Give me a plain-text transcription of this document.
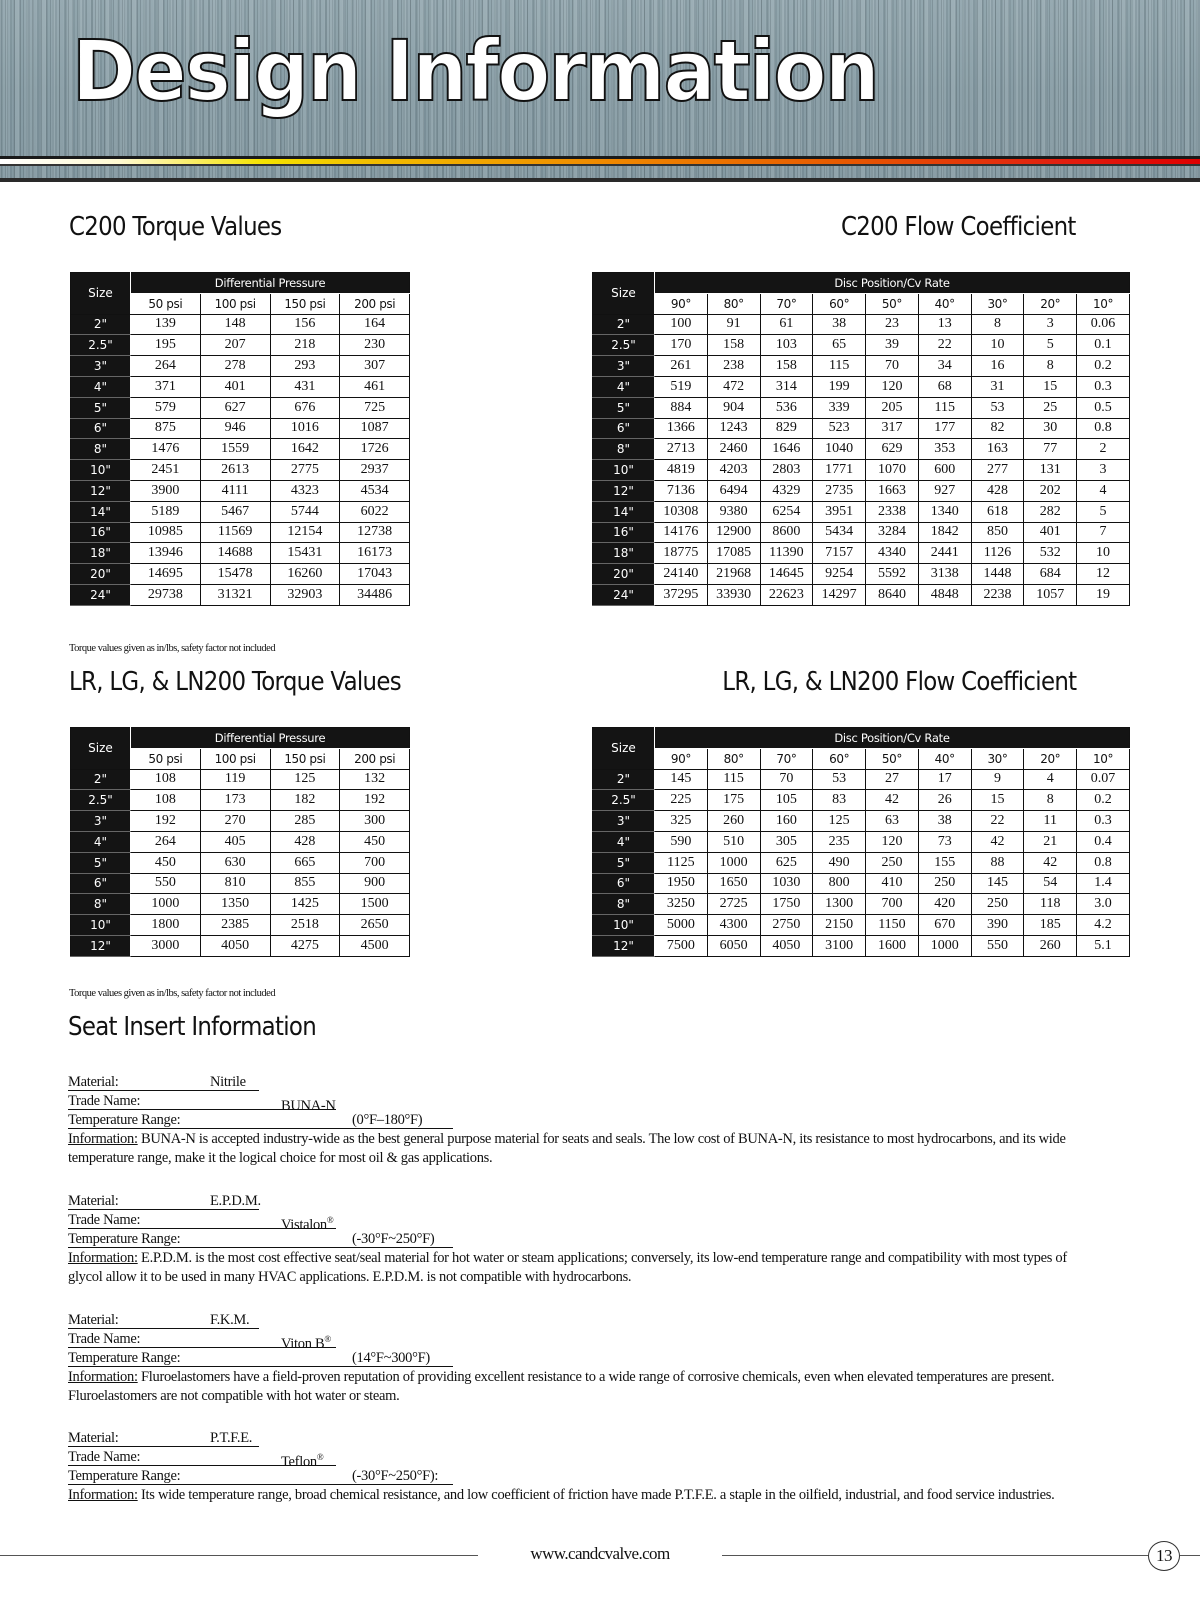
Design Information
C200 Torque Values	C200 Flow Coefficient
Size	Differential Pressure			
	50 psi	100 psi	150 psi	200 psi
2"	139	148	156	164
2.5"	195	207	218	230
3"	264	278	293	307
4"	371	401	431	461
5"	579	627	676	725
6"	875	946	1016	1087
8"	1476	1559	1642	1726
10"	2451	2613	2775	2937
12"	3900	4111	4323	4534
14"	5189	5467	5744	6022
16"	10985	11569	12154	12738
18"	13946	14688	15431	16173
20"	14695	15478	16260	17043
24"	29738	31321	32903	34486
Size	Disc Position/Cv Rate								
	90°	80°	70°	60°	50°	40°	30°	20°	10°
2"	100	91	61	38	23	13	8	3	0.06
2.5"	170	158	103	65	39	22	10	5	0.1
3"	261	238	158	115	70	34	16	8	0.2
4"	519	472	314	199	120	68	31	15	0.3
5"	884	904	536	339	205	115	53	25	0.5
6"	1366	1243	829	523	317	177	82	30	0.8
8"	2713	2460	1646	1040	629	353	163	77	2
10"	4819	4203	2803	1771	1070	600	277	131	3
12"	7136	6494	4329	2735	1663	927	428	202	4
14"	10308	9380	6254	3951	2338	1340	618	282	5
16"	14176	12900	8600	5434	3284	1842	850	401	7
18"	18775	17085	11390	7157	4340	2441	1126	532	10
20"	24140	21968	14645	9254	5592	3138	1448	684	12
24"	37295	33930	22623	14297	8640	4848	2238	1057	19
Torque values given as in/lbs, safety factor not included
LR, LG, & LN200 Torque Values	LR, LG, & LN200 Flow Coefficient
Size	Differential Pressure			
	50 psi	100 psi	150 psi	200 psi
2"	108	119	125	132
2.5"	108	173	182	192
3"	192	270	285	300
4"	264	405	428	450
5"	450	630	665	700
6"	550	810	855	900
8"	1000	1350	1425	1500
10"	1800	2385	2518	2650
12"	3000	4050	4275	4500
Size	Disc Position/Cv Rate								
	90°	80°	70°	60°	50°	40°	30°	20°	10°
2"	145	115	70	53	27	17	9	4	0.07
2.5"	225	175	105	83	42	26	15	8	0.2
3"	325	260	160	125	63	38	22	11	0.3
4"	590	510	305	235	120	73	42	21	0.4
5"	1125	1000	625	490	250	155	88	42	0.8
6"	1950	1650	1030	800	410	250	145	54	1.4
8"	3250	2725	1750	1300	700	420	250	118	3.0
10"	5000	4300	2750	2150	1150	670	390	185	4.2
12"	7500	6050	4050	3100	1600	1000	550	260	5.1
Torque values given as in/lbs, safety factor not included
Seat Insert Information
Material:	Nitrile
Trade Name:	BUNA-N
Temperature Range:	(0°F–180°F)
Information: BUNA-N is accepted industry-wide as the best general purpose material for seats and seals. The low cost of BUNA-N, its resistance to most hydrocarbons, and its wide temperature range, make it the logical choice for most oil & gas applications.
Material:	E.P.D.M.
Trade Name:	Vistalon®
Temperature Range:	(-30°F~250°F)
Information: E.P.D.M. is the most cost effective seat/seal material for hot water or steam applications; conversely, its low-end temperature range and compatibility with most types of glycol allow it to be used in many HVAC applications. E.P.D.M. is not compatible with hydrocarbons.
Material:	F.K.M.
Trade Name:	Viton B®
Temperature Range:	(14°F~300°F)
Information: Fluroelastomers have a field-proven reputation of providing excellent resistance to a wide range of corrosive chemicals, even when elevated temperatures are present. Fluroelastomers are not compatible with hot water or steam.
Material:	P.T.F.E.
Trade Name:	Teflon®
Temperature Range:	(-30°F~250°F):
Information: Its wide temperature range, broad chemical resistance, and low coefficient of friction have made P.T.F.E. a staple in the oilfield, industrial, and food service industries.
www.candcvalve.com	13
